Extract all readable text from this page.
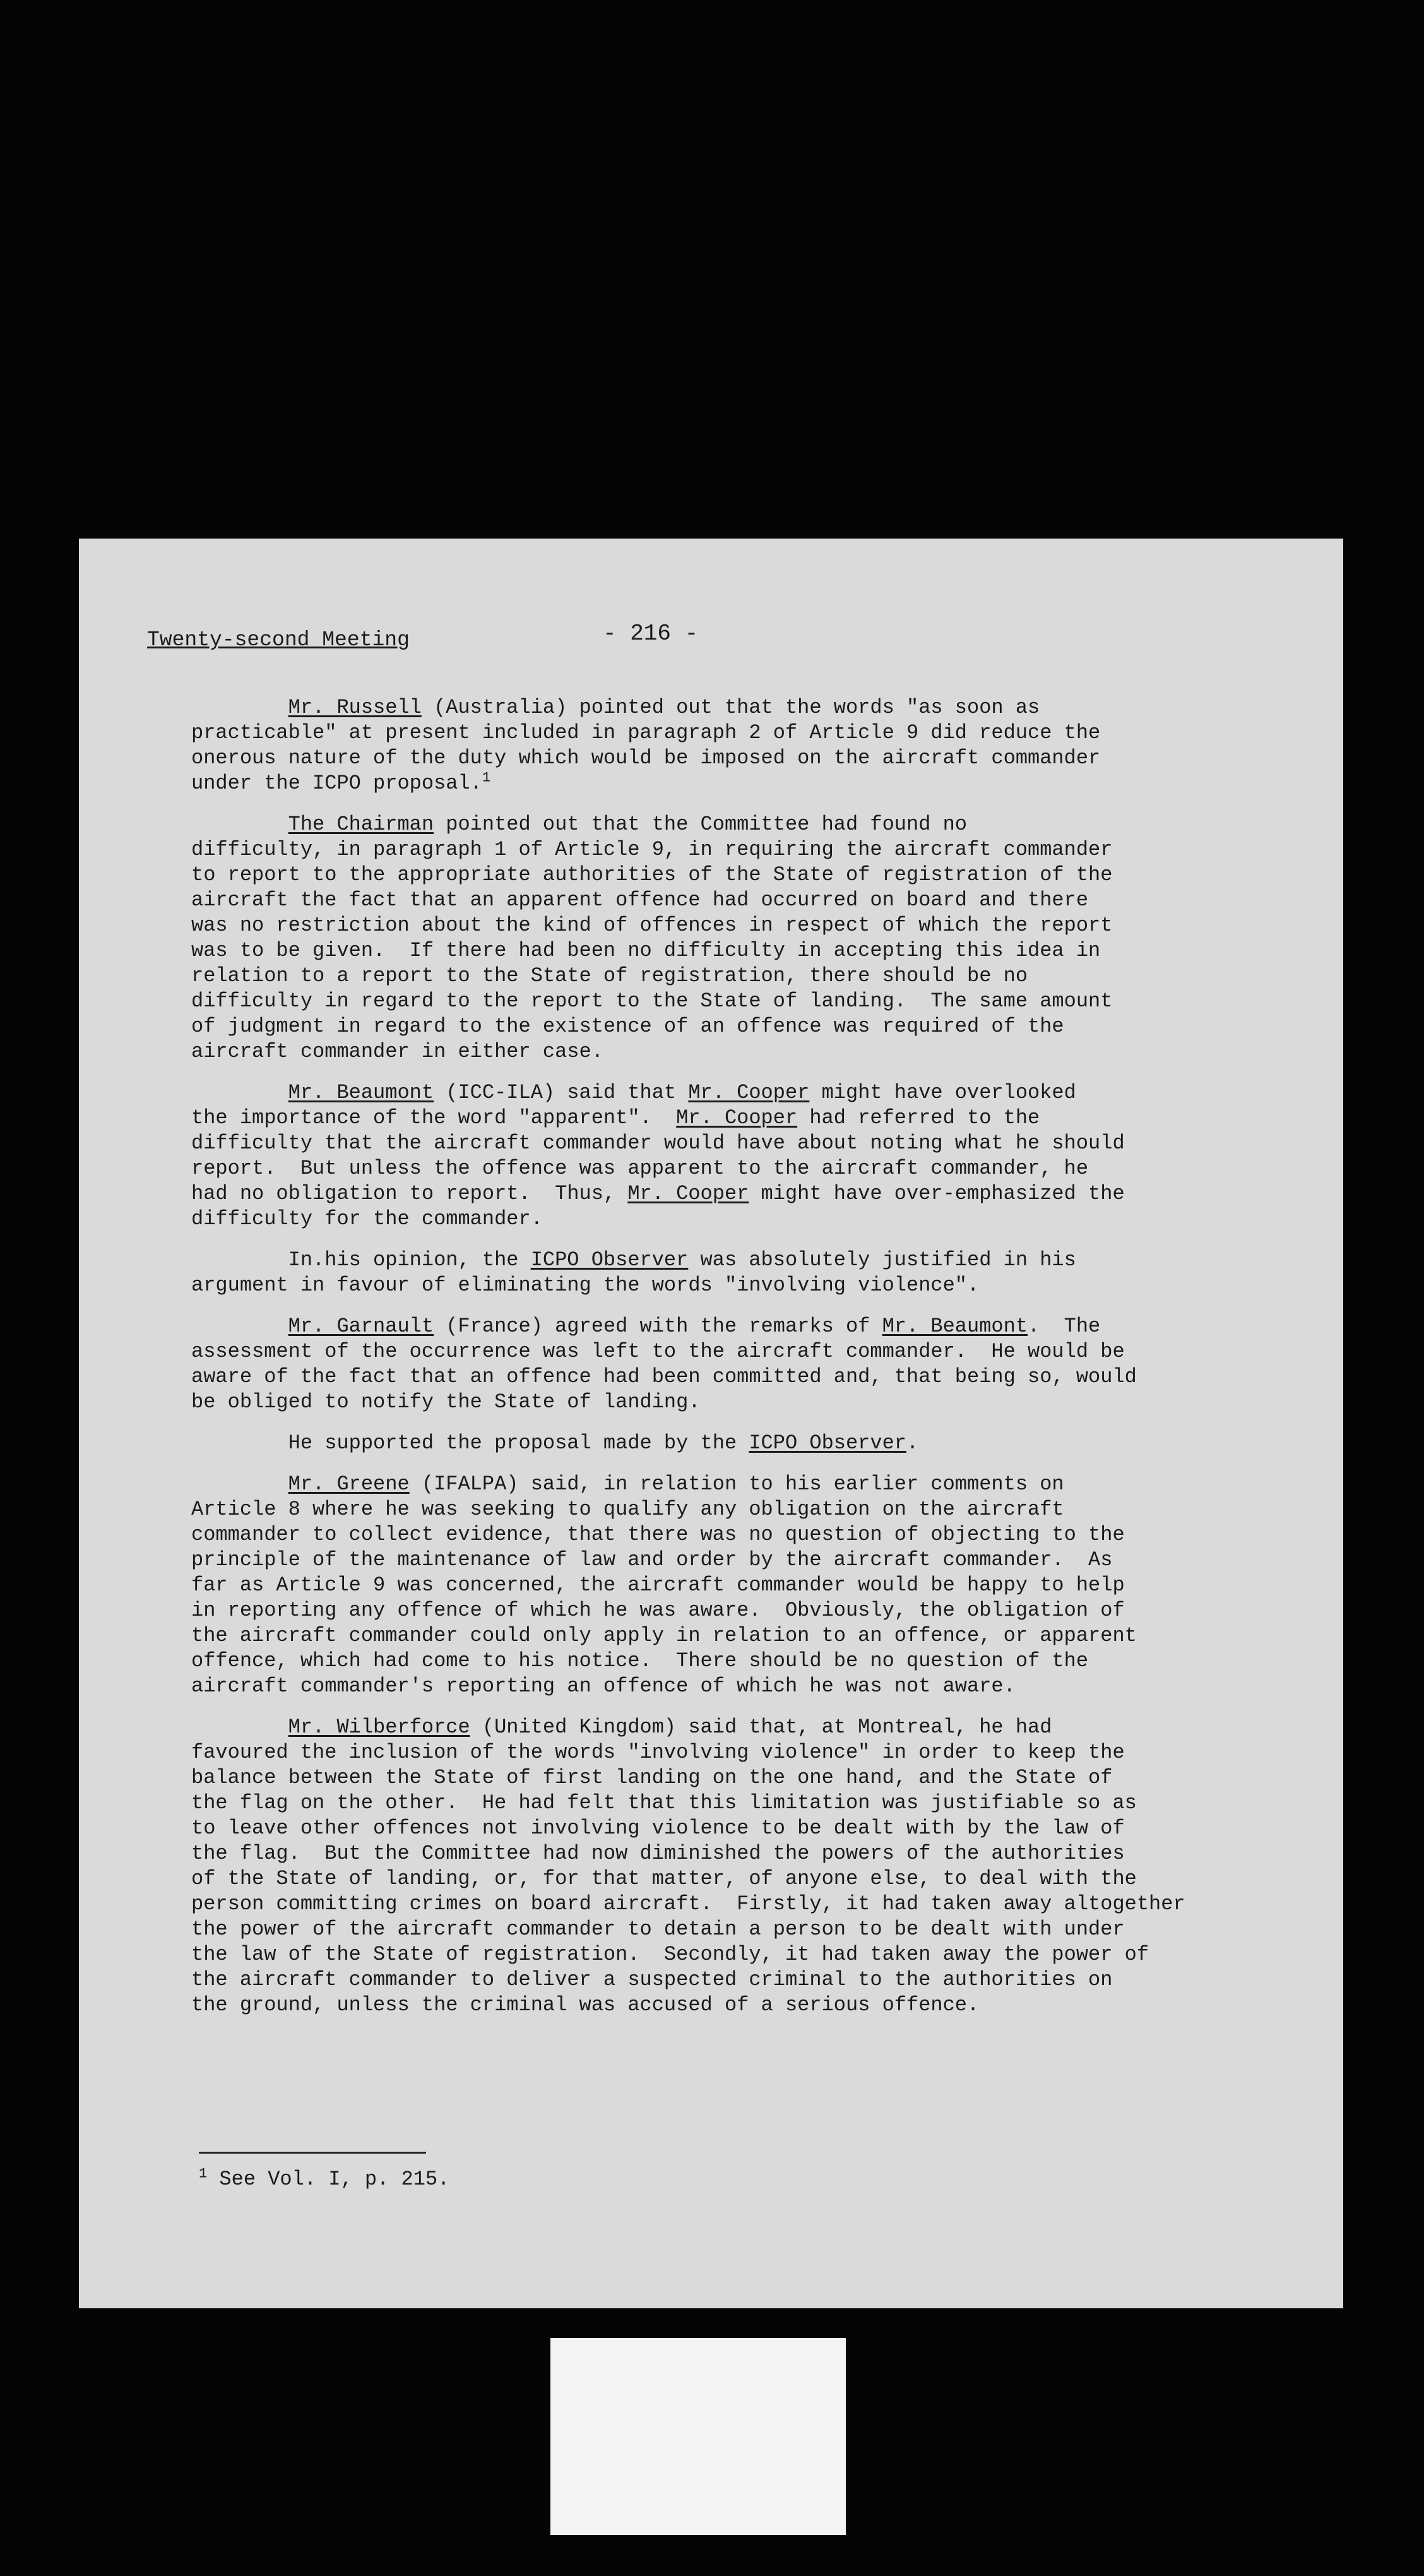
Twenty-second Meeting	- 216 -
Mr. Russell (Australia) pointed out that the words "as soon as
practicable" at present included in paragraph 2 of Article 9 did reduce the
onerous nature of the duty which would be imposed on the aircraft commander
under the ICPO proposal.$^1$
The Chairman pointed out that the Committee had found no
difficulty, in paragraph 1 of Article 9, in requiring the aircraft commander
to report to the appropriate authorities of the State of registration of the
aircraft the fact that an apparent offence had occurred on board and there
was no restriction about the kind of offences in respect of which the report
was to be given.  If there had been no difficulty in accepting this idea in
relation to a report to the State of registration, there should be no
difficulty in regard to the report to the State of landing.  The same amount
of judgment in regard to the existence of an offence was required of the
aircraft commander in either case.
Mr. Beaumont (ICC-ILA) said that Mr. Cooper might have overlooked
the importance of the word "apparent".  Mr. Cooper had referred to the
difficulty that the aircraft commander would have about noting what he should
report.  But unless the offence was apparent to the aircraft commander, he
had no obligation to report.  Thus, Mr. Cooper might have over-emphasized the
difficulty for the commander.
In.his opinion, the ICPO Observer was absolutely justified in his
argument in favour of eliminating the words "involving violence".
Mr. Garnault (France) agreed with the remarks of Mr. Beaumont.  The
assessment of the occurrence was left to the aircraft commander.  He would be
aware of the fact that an offence had been committed and, that being so, would
be obliged to notify the State of landing.
He supported the proposal made by the ICPO Observer.
Mr. Greene (IFALPA) said, in relation to his earlier comments on
Article 8 where he was seeking to qualify any obligation on the aircraft
commander to collect evidence, that there was no question of objecting to the
principle of the maintenance of law and order by the aircraft commander.  As
far as Article 9 was concerned, the aircraft commander would be happy to help
in reporting any offence of which he was aware.  Obviously, the obligation of
the aircraft commander could only apply in relation to an offence, or apparent
offence, which had come to his notice.  There should be no question of the
aircraft commander's reporting an offence of which he was not aware.
Mr. Wilberforce (United Kingdom) said that, at Montreal, he had
favoured the inclusion of the words "involving violence" in order to keep the
balance between the State of first landing on the one hand, and the State of
the flag on the other.  He had felt that this limitation was justifiable so as
to leave other offences not involving violence to be dealt with by the law of
the flag.  But the Committee had now diminished the powers of the authorities
of the State of landing, or, for that matter, of anyone else, to deal with the
person committing crimes on board aircraft.  Firstly, it had taken away altogether
the power of the aircraft commander to detain a person to be dealt with under
the law of the State of registration.  Secondly, it had taken away the power of
the aircraft commander to deliver a suspected criminal to the authorities on
the ground, unless the criminal was accused of a serious offence.
$^1$ See Vol. I, p. 215.
